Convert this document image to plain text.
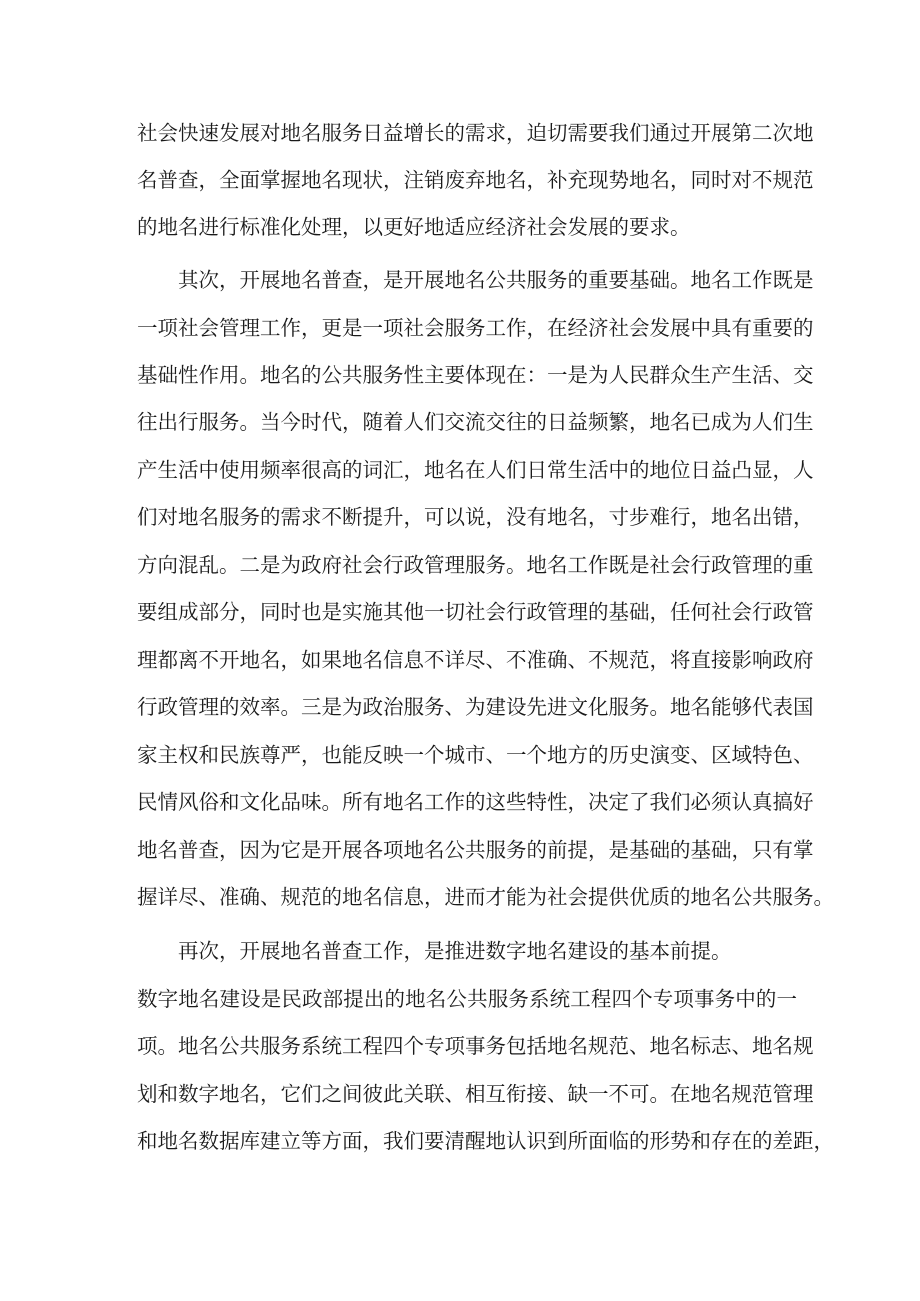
社会快速发展对地名服务日益增长的需求，迫切需要我们通过开展第二次地
名普查，全面掌握地名现状，注销废弃地名，补充现势地名，同时对不规范
的地名进行标准化处理，以更好地适应经济社会发展的要求。
其次，开展地名普查，是开展地名公共服务的重要基础。地名工作既是
一项社会管理工作，更是一项社会服务工作，在经济社会发展中具有重要的
基础性作用。地名的公共服务性主要体现在：一是为人民群众生产生活、交
往出行服务。当今时代，随着人们交流交往的日益频繁，地名已成为人们生
产生活中使用频率很高的词汇，地名在人们日常生活中的地位日益凸显，人
们对地名服务的需求不断提升，可以说，没有地名，寸步难行，地名出错，
方向混乱。二是为政府社会行政管理服务。地名工作既是社会行政管理的重
要组成部分，同时也是实施其他一切社会行政管理的基础，任何社会行政管
理都离不开地名，如果地名信息不详尽、不准确、不规范，将直接影响政府
行政管理的效率。三是为政治服务、为建设先进文化服务。地名能够代表国
家主权和民族尊严，也能反映一个城市、一个地方的历史演变、区域特色、
民情风俗和文化品味。所有地名工作的这些特性，决定了我们必须认真搞好
地名普查，因为它是开展各项地名公共服务的前提，是基础的基础，只有掌
握详尽、准确、规范的地名信息，进而才能为社会提供优质的地名公共服务。
再次，开展地名普查工作，是推进数字地名建设的基本前提。
数字地名建设是民政部提出的地名公共服务系统工程四个专项事务中的一
项。地名公共服务系统工程四个专项事务包括地名规范、地名标志、地名规
划和数字地名，它们之间彼此关联、相互衔接、缺一不可。在地名规范管理
和地名数据库建立等方面，我们要清醒地认识到所面临的形势和存在的差距，
